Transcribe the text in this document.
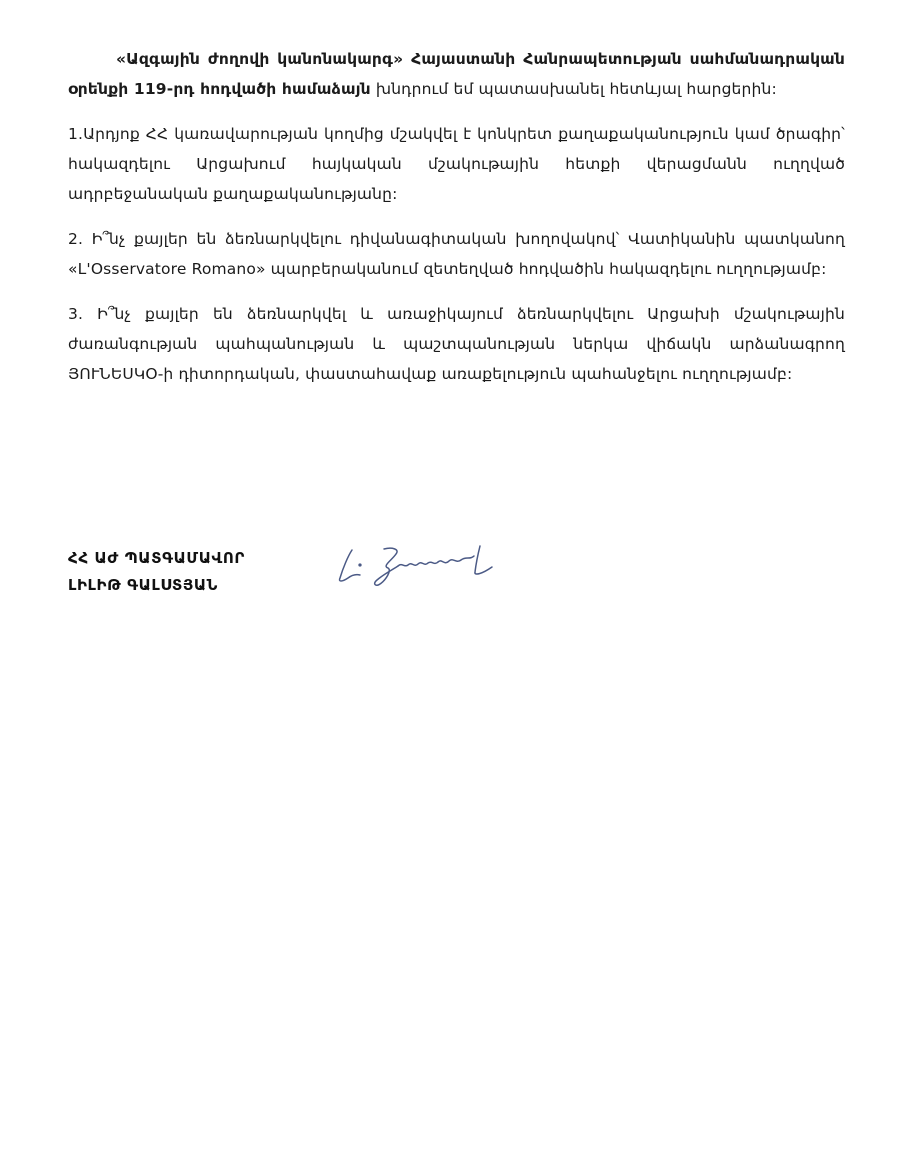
«Ազգային ժողովի կանոնակարգ» Հայաստանի Հանրապետության սահմանադրական օրենքի 119-րդ հոդվածի համաձայն խնդրում եմ պատասխանել հետևյալ հարցերին:

1.Արդյոք ՀՀ կառավարության կողմից մշակվել է կոնկրետ քաղաքականություն կամ ծրագիր՝ հակազդելու Արցախում հայկական մշակութային հետքի վերացմանն ուղղված ադրբեջանական քաղաքականությանը:

2. Ի՞նչ քայլեր են ձեռնարկվելու դիվանագիտական խողովակով՝ Վատիկանին պատկանող «L'Osservatore Romano» պարբերականում զետեղված հոդվածին հակազդելու ուղղությամբ:

3. Ի՞նչ քայլեր են ձեռնարկվել և առաջիկայում ձեռնարկվելու Արցախի մշակութային ժառանգության պահպանության և պաշտպանության ներկա վիճակն արձանագրող ՅՈՒՆԵՍԿՕ-ի դիտորդական, փաստահավաք առաքելություն պահանջելու ուղղությամբ:

ՀՀ ԱԺ ՊԱՏԳԱՄԱՎՈՐ
ԼԻԼԻԹ ԳԱԼՍՏՅԱՆ
